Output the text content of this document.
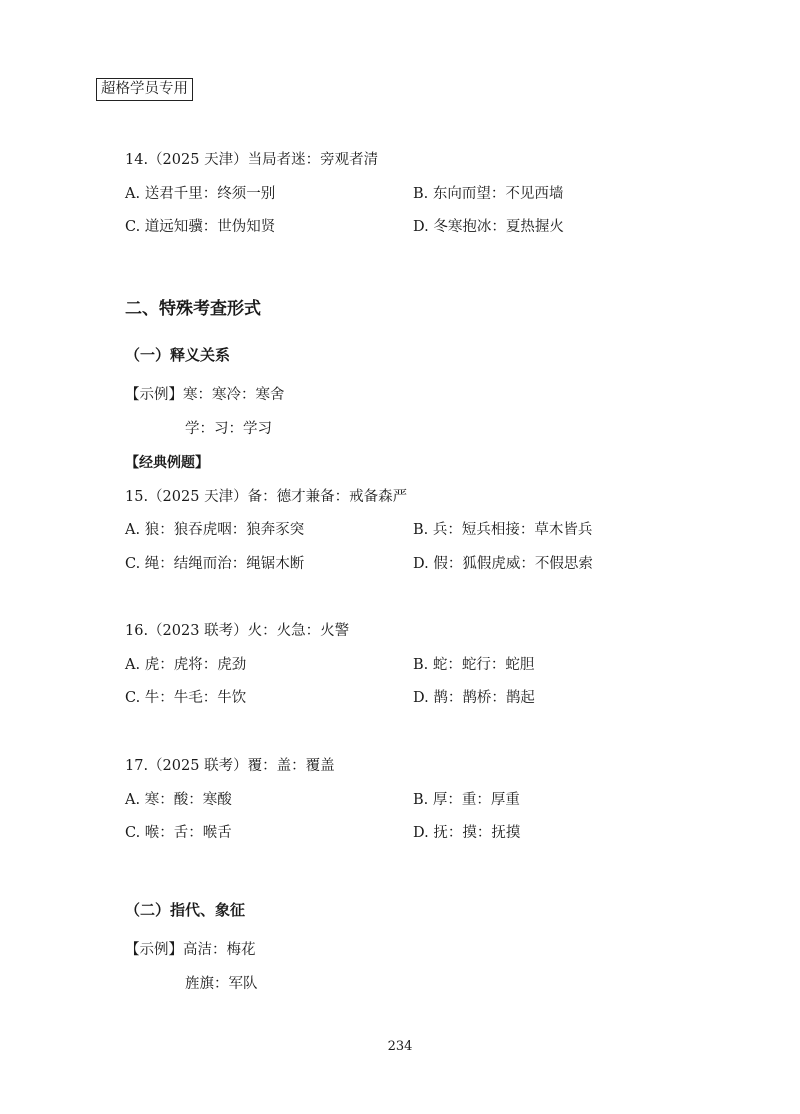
超格学员专用
14.（2025 天津）当局者迷：旁观者清
A. 送君千里：终须一别	B. 东向而望：不见西墙
C. 道远知骥：世伪知贤	D. 冬寒抱冰：夏热握火
二、特殊考查形式
（一）释义关系
【示例】寒：寒冷：寒舍
学：习：学习
【经典例题】
15.（2025 天津）备：德才兼备：戒备森严
A. 狼：狼吞虎咽：狼奔豕突	B. 兵：短兵相接：草木皆兵
C. 绳：结绳而治：绳锯木断	D. 假：狐假虎威：不假思索
16.（2023 联考）火：火急：火警
A. 虎：虎将：虎劲	B. 蛇：蛇行：蛇胆
C. 牛：牛毛：牛饮	D. 鹊：鹊桥：鹊起
17.（2025 联考）覆：盖：覆盖
A. 寒：酸：寒酸	B. 厚：重：厚重
C. 喉：舌：喉舌	D. 抚：摸：抚摸
（二）指代、象征
【示例】高洁：梅花
旌旗：军队
234
